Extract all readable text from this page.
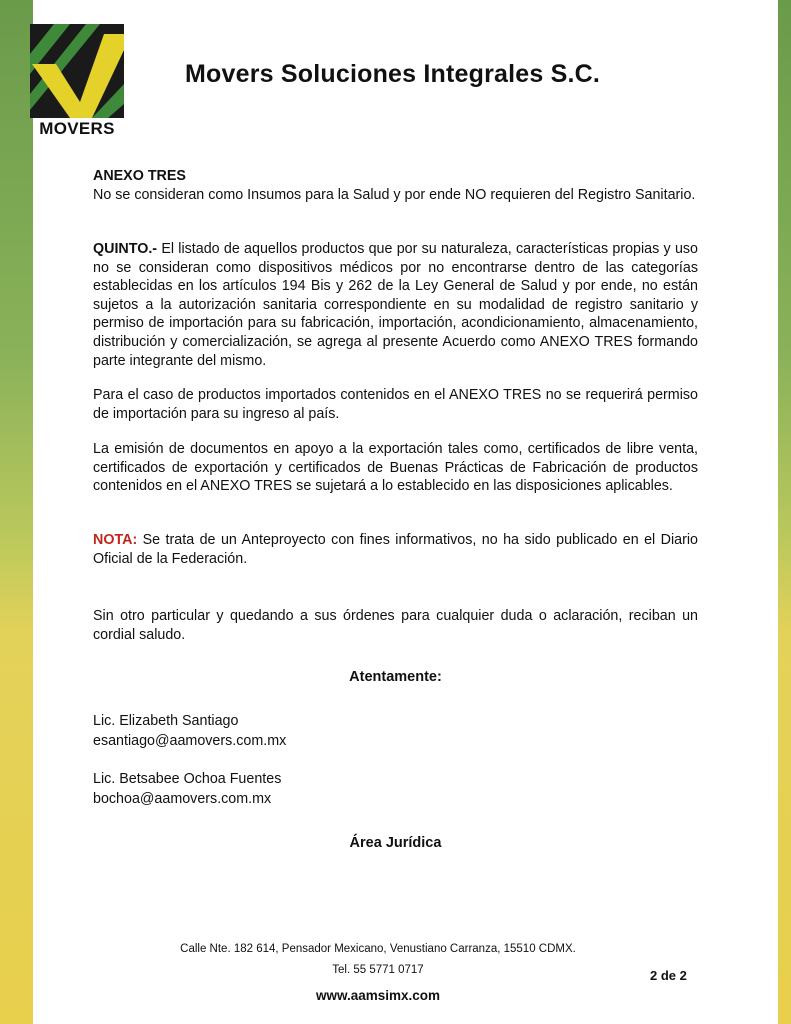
MOVERS
Movers Soluciones Integrales S.C.
ANEXO TRES
No se consideran como Insumos para la Salud y por ende NO requieren del Registro Sanitario.
QUINTO.- El listado de aquellos productos que por su naturaleza, características propias y uso no se consideran como dispositivos médicos por no encontrarse dentro de las categorías establecidas en los artículos 194 Bis y 262 de la Ley General de Salud y por ende, no están sujetos a la autorización sanitaria correspondiente en su modalidad de registro sanitario y permiso de importación para su fabricación, importación, acondicionamiento, almacenamiento, distribución y comercialización, se agrega al presente Acuerdo como ANEXO TRES formando parte integrante del mismo.
Para el caso de productos importados contenidos en el ANEXO TRES no se requerirá permiso de importación para su ingreso al país.
La emisión de documentos en apoyo a la exportación tales como, certificados de libre venta, certificados de exportación y certificados de Buenas Prácticas de Fabricación de productos contenidos en el ANEXO TRES se sujetará a lo establecido en las disposiciones aplicables.
NOTA: Se trata de un Anteproyecto con fines informativos, no ha sido publicado en el Diario Oficial de la Federación.
Sin otro particular y quedando a sus órdenes para cualquier duda o aclaración, reciban un cordial saludo.
Atentamente:
Lic. Elizabeth Santiago
esantiago@aamovers.com.mx
Lic. Betsabee Ochoa Fuentes
bochoa@aamovers.com.mx
Área Jurídica
Calle Nte. 182 614, Pensador Mexicano, Venustiano Carranza, 15510 CDMX.
Tel. 55 5771 0717
www.aamsimx.com
2 de 2
